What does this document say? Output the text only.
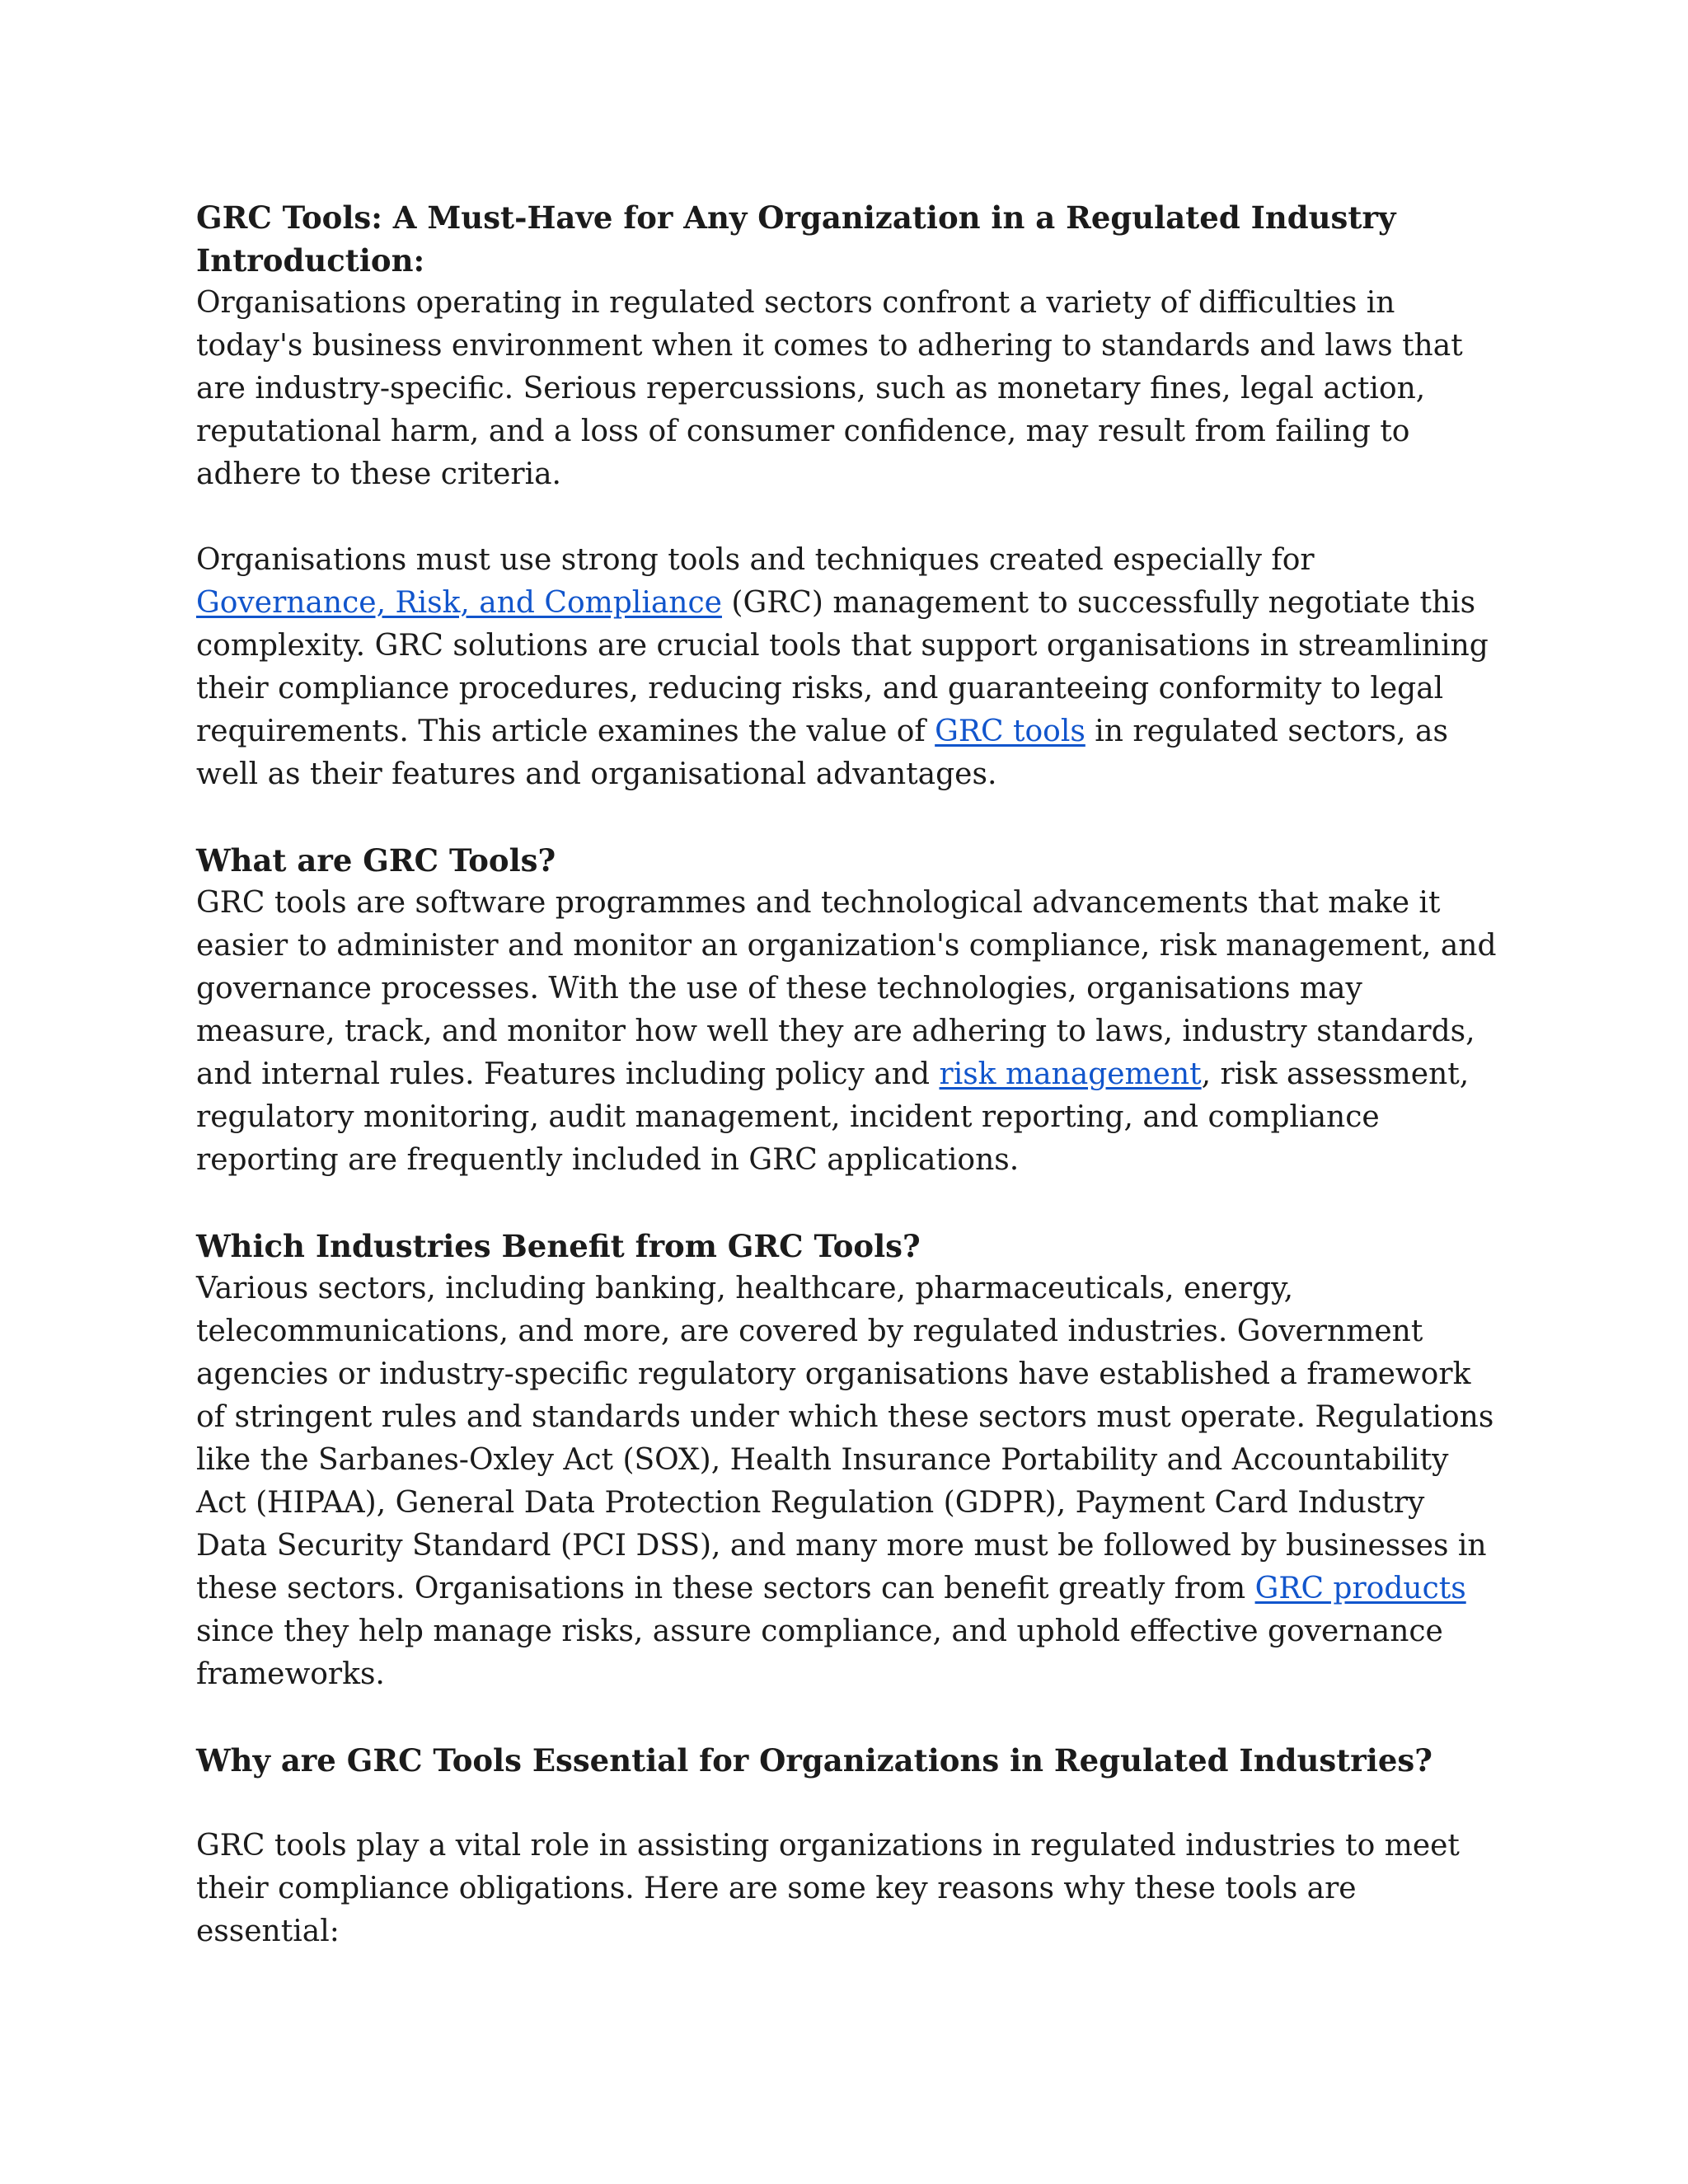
GRC Tools: A Must-Have for Any Organization in a Regulated Industry

Introduction:

Organisations operating in regulated sectors confront a variety of difficulties in today's business environment when it comes to adhering to standards and laws that are industry-specific. Serious repercussions, such as monetary fines, legal action, reputational harm, and a loss of consumer confidence, may result from failing to adhere to these criteria.

Organisations must use strong tools and techniques created especially for Governance, Risk, and Compliance (GRC) management to successfully negotiate this complexity. GRC solutions are crucial tools that support organisations in streamlining their compliance procedures, reducing risks, and guaranteeing conformity to legal requirements. This article examines the value of GRC tools in regulated sectors, as well as their features and organisational advantages.

What are GRC Tools?

GRC tools are software programmes and technological advancements that make it easier to administer and monitor an organization's compliance, risk management, and governance processes. With the use of these technologies, organisations may measure, track, and monitor how well they are adhering to laws, industry standards, and internal rules. Features including policy and risk management, risk assessment, regulatory monitoring, audit management, incident reporting, and compliance reporting are frequently included in GRC applications.

Which Industries Benefit from GRC Tools?

Various sectors, including banking, healthcare, pharmaceuticals, energy, telecommunications, and more, are covered by regulated industries. Government agencies or industry-specific regulatory organisations have established a framework of stringent rules and standards under which these sectors must operate. Regulations like the Sarbanes-Oxley Act (SOX), Health Insurance Portability and Accountability Act (HIPAA), General Data Protection Regulation (GDPR), Payment Card Industry Data Security Standard (PCI DSS), and many more must be followed by businesses in these sectors. Organisations in these sectors can benefit greatly from GRC products since they help manage risks, assure compliance, and uphold effective governance frameworks.

Why are GRC Tools Essential for Organizations in Regulated Industries?

GRC tools play a vital role in assisting organizations in regulated industries to meet their compliance obligations. Here are some key reasons why these tools are essential:
